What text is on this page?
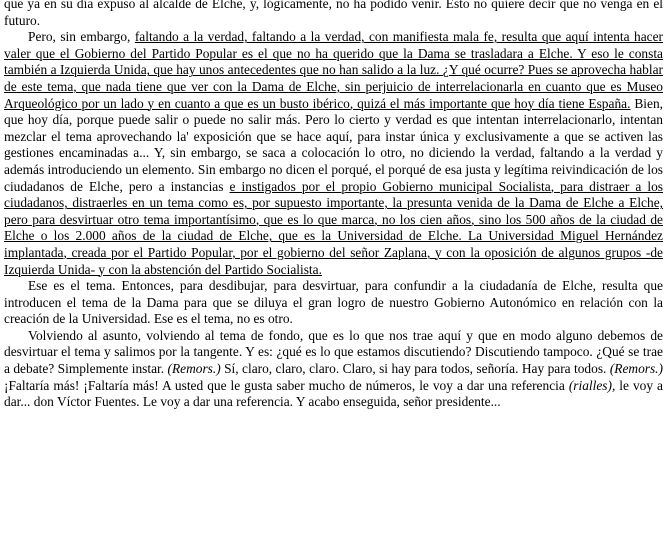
que ya en su día expuso al alcalde de Elche, y, lógicamente, no ha podido venir. Esto no quiere decir que no venga en el futuro.

Pero, sin embargo, faltando a la verdad, faltando a la verdad, con manifiesta mala fe, resulta que aquí intenta hacer valer que el Gobierno del Partido Popular es el que no ha querido que la Dama se trasladara a Elche. Y eso le consta también a Izquierda Unida, que hay unos antecedentes que no han salido a la luz. ¿Y qué ocurre? Pues se aprovecha hablar de este tema, que nada tiene que ver con la Dama de Elche, sin perjuicio de interrelacionarla en cuanto que es Museo Arqueológico por un lado y en cuanto a que es un busto ibérico, quizá el más importante que hoy día tiene España. Bien, que hoy día, porque puede salir o puede no salir más. Pero lo cierto y verdad es que intentan interrelacionarlo, intentan mezclar el tema aprovechando la' exposición que se hace aquí, para instar única y exclusivamente a que se activen las gestiones encaminadas a... Y, sin embargo, se saca a colocación lo otro, no diciendo la verdad, faltando a la verdad y además introduciendo un elemento. Sin embargo no dicen el porqué, el porqué de esa justa y legítima reivindicación de los ciudadanos de Elche, pero a instancias e instigados por el propio Gobierno municipal Socialista, para distraer a los ciudadanos, distraerles en un tema como es, por supuesto importante, la presunta venida de la Dama de Elche a Elche, pero para desvirtuar otro tema importantísimo, que es lo que marca, no los cien años, sino los 500 años de la ciudad de Elche o los 2.000 años de la ciudad de Elche, que es la Universidad de Elche. La Universidad Miguel Hernández implantada, creada por el Partido Popular, por el gobierno del señor Zaplana, y con la oposición de algunos grupos -de Izquierda Unida- y con la abstención del Partido Socialista.

Ese es el tema. Entonces, para desdibujar, para desvirtuar, para confundir a la ciudadanía de Elche, resulta que introducen el tema de la Dama para que se diluya el gran logro de nuestro Gobierno Autonómico en relación con la creación de la Universidad. Ese es el tema, no es otro.

Volviendo al asunto, volviendo al tema de fondo, que es lo que nos trae aquí y que en modo alguno debemos de desvirtuar el tema y salimos por la tangente. Y es: ¿qué es lo que estamos discutiendo? Discutiendo tampoco. ¿Qué se trae a debate? Simplemente instar. (Remors.) Sí, claro, claro, claro. Claro, si hay para todos, señoría. Hay para todos. (Remors.) ¡Faltaría más! ¡Faltaría más! A usted que le gusta saber mucho de números, le voy a dar una referencia (rialles), le voy a dar... don Víctor Fuentes. Le voy a dar una referencia. Y acabo enseguida, señor presidente...
